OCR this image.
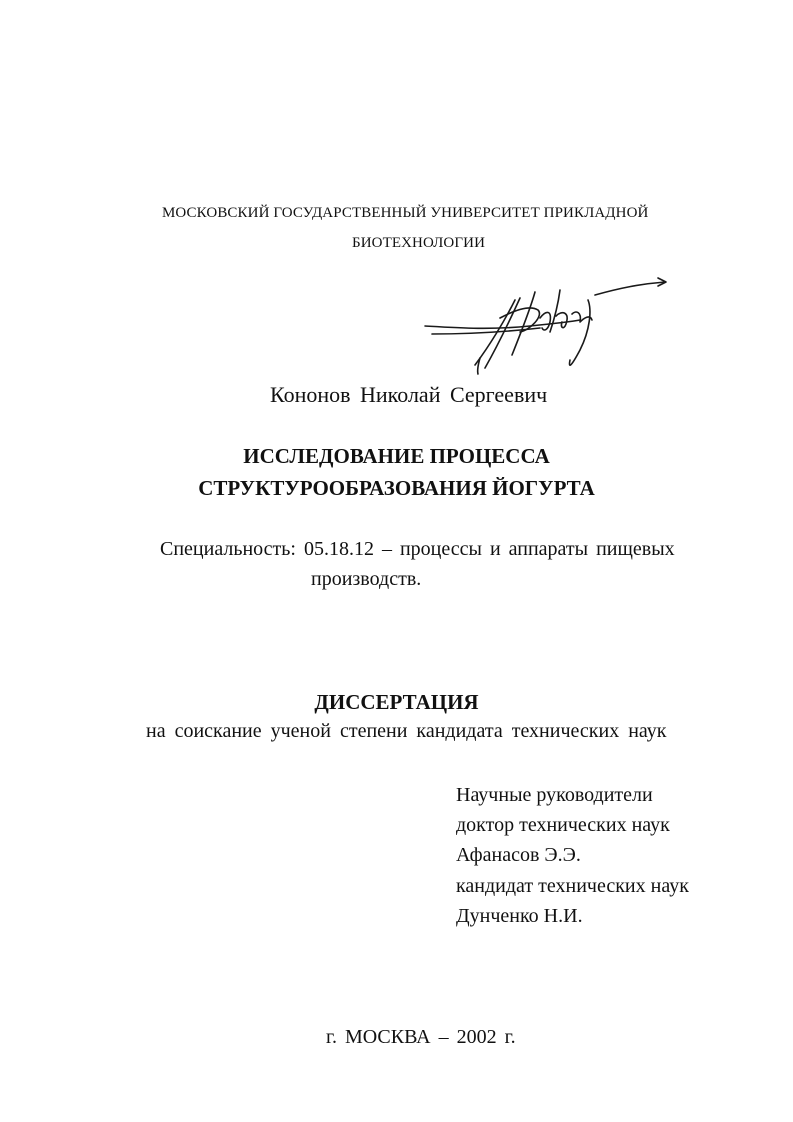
МОСКОВСКИЙ ГОСУДАРСТВЕННЫЙ УНИВЕРСИТЕТ ПРИКЛАДНОЙ
БИОТЕХНОЛОГИИ
Кононов Николай Сергеевич
ИССЛЕДОВАНИЕ ПРОЦЕССА
СТРУКТУРООБРАЗОВАНИЯ ЙОГУРТА
Специальность: 05.18.12 – процессы и аппараты пищевых
производств.
ДИССЕРТАЦИЯ
на соискание ученой степени кандидата технических наук
Научные руководители
доктор технических наук
Афанасов Э.Э.
кандидат технических наук
Дунченко Н.И.
г. МОСКВА – 2002 г.
